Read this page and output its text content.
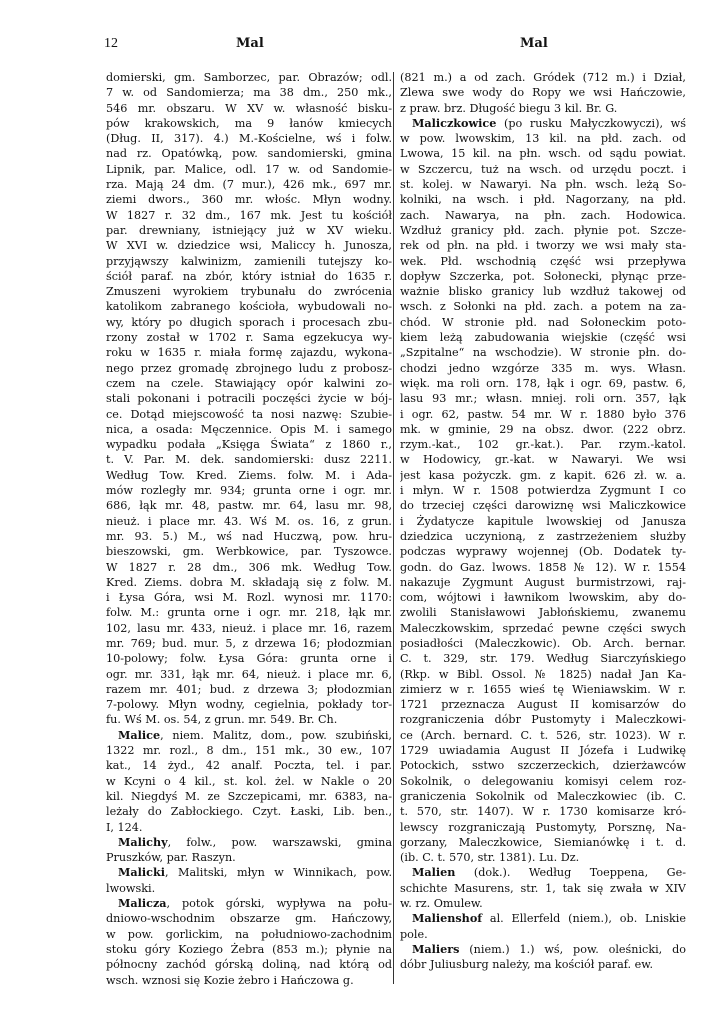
12	Mal	Mal
domierski, gm. Samborzec, par. Obrazów; odl.
7 w. od Sandomierza; ma 38 dm., 250 mk.,
546 mr. obszaru. W XV w. własność bisku-
pów krakowskich, ma 9 łanów kmiecych
(Dług. II, 317). 4.) M.-Kościelne, wś i folw.
nad rz. Opatówką, pow. sandomierski, gmina
Lipnik, par. Malice, odl. 17 w. od Sandomie-
rza. Mają 24 dm. (7 mur.), 426 mk., 697 mr.
ziemi dwors., 360 mr. włośc. Młyn wodny.
W 1827 r. 32 dm., 167 mk. Jest tu kościół
par. drewniany, istniejący już w XV wieku.
W XVI w. dziedzice wsi, Maliccy h. Junosza,
przyjąwszy kalwinizm, zamienili tutejszy ko-
ściół paraf. na zbór, który istniał do 1635 r.
Zmuszeni wyrokiem trybunału do zwrócenia
katolikom zabranego kościoła, wybudowali no-
wy, który po długich sporach i procesach zbu-
rzony został w 1702 r. Sama egzekucya wy-
roku w 1635 r. miała formę zajazdu, wykona-
nego przez gromadę zbrojnego ludu z probosz-
czem na czele. Stawiający opór kalwini zo-
stali pokonani i potracili poczęści życie w bój-
ce. Dotąd miejscowość ta nosi nazwę: Szubie-
nica, a osada: Męczennice. Opis M. i samego
wypadku podała „Księga Świata“ z 1860 r.,
t. V. Par. M. dek. sandomierski: dusz 2211.
Według Tow. Kred. Ziems. folw. M. i Ada-
mów rozległy mr. 934; grunta orne i ogr. mr.
686, łąk mr. 48, pastw. mr. 64, lasu mr. 98,
nieuż. i place mr. 43. Wś M. os. 16, z grun.
mr. 93. 5.) M., wś nad Huczwą, pow. hru-
bieszowski, gm. Werbkowice, par. Tyszowce.
W 1827 r. 28 dm., 306 mk. Według Tow.
Kred. Ziems. dobra M. składają się z folw. M.
i Łysa Góra, wsi M. Rozl. wynosi mr. 1170:
folw. M.: grunta orne i ogr. mr. 218, łąk mr.
102, lasu mr. 433, nieuż. i place mr. 16, razem
mr. 769; bud. mur. 5, z drzewa 16; płodozmian
10-polowy; folw. Łysa Góra: grunta orne i
ogr. mr. 331, łąk mr. 64, nieuż. i place mr. 6,
razem mr. 401; bud. z drzewa 3; płodozmian
7-polowy. Młyn wodny, cegielnia, pokłady tor-
fu. Wś M. os. 54, z grun. mr. 549. Br. Ch.
Malice, niem. Malitz, dom., pow. szubiński,
1322 mr. rozl., 8 dm., 151 mk., 30 ew., 107
kat., 14 żyd., 42 analf. Poczta, tel. i par.
w Kcyni o 4 kil., st. kol. żel. w Nakle o 20
kil. Niegdyś M. ze Szczepicami, mr. 6383, na-
leżały do Zabłockiego. Czyt. Łaski, Lib. ben.,
I, 124.
Malichy, folw., pow. warszawski, gmina
Pruszków, par. Raszyn.
Malicki, Malitski, młyn w Winnikach, pow.
lwowski.
Malicza, potok górski, wypływa na połu-
dniowo-wschodnim obszarze gm. Hańczowy,
w pow. gorlickim, na południowo-zachodnim
stoku góry Koziego Żebra (853 m.); płynie na
północny zachód górską doliną, nad którą od
wsch. wznosi się Kozie żebro i Hańczowa g.
(821 m.) a od zach. Gródek (712 m.) i Dział,
Zlewa swe wody do Ropy we wsi Hańczowie,
z praw. brz. Długość biegu 3 kil. Br. G.
Maliczkowice (po rusku Małyczkowyczi), wś
w pow. lwowskim, 13 kil. na płd. zach. od
Lwowa, 15 kil. na płn. wsch. od sądu powiat.
w Szczercu, tuż na wsch. od urzędu poczt. i
st. kolej. w Nawaryi. Na płn. wsch. leżą So-
kolniki, na wsch. i płd. Nagorzany, na płd.
zach. Nawarya, na płn. zach. Hodowica.
Wzdłuż granicy płd. zach. płynie pot. Szcze-
rek od płn. na płd. i tworzy we wsi mały sta-
wek. Płd. wschodnią część wsi przepływa
dopływ Szczerka, pot. Sołonecki, płynąc prze-
ważnie blisko granicy lub wzdłuż takowej od
wsch. z Sołonki na płd. zach. a potem na za-
chód. W stronie płd. nad Sołoneckim poto-
kiem leżą zabudowania wiejskie (część wsi
„Szpitalne“ na wschodzie). W stronie płn. do-
chodzi jedno wzgórze 335 m. wys. Własn.
więk. ma roli orn. 178, łąk i ogr. 69, pastw. 6,
lasu 93 mr.; własn. mniej. roli orn. 357, łąk
i ogr. 62, pastw. 54 mr. W r. 1880 było 376
mk. w gminie, 29 na obsz. dwor. (222 obrz.
rzym.-kat., 102 gr.-kat.). Par. rzym.-katol.
w Hodowicy, gr.-kat. w Nawaryi. We wsi
jest kasa pożyczk. gm. z kapit. 626 zł. w. a.
i młyn. W r. 1508 potwierdza Zygmunt I co
do trzeciej części darowiznę wsi Maliczkowice
i Żydatycze kapitule lwowskiej od Janusza
dziedzica uczynioną, z zastrzeżeniem służby
podczas wyprawy wojennej (Ob. Dodatek ty-
godn. do Gaz. lwows. 1858 № 12). W r. 1554
nakazuje Zygmunt August burmistrzowi, raj-
com, wójtowi i ławnikom lwowskim, aby do-
zwolili Stanisławowi Jabłońskiemu, zwanemu
Maleczkowskim, sprzedać pewne części swych
posiadłości (Maleczkowic). Ob. Arch. bernar.
C. t. 329, str. 179. Według Siarczyńskiego
(Rkp. w Bibl. Ossol. № 1825) nadał Jan Ka-
zimierz w r. 1655 wieś tę Wieniawskim. W r.
1721 przeznacza August II komisarzów do
rozgraniczenia dóbr Pustomyty i Maleczkowi-
ce (Arch. bernard. C. t. 526, str. 1023). W r.
1729 uwiadamia August II Józefa i Ludwikę
Potockich, sstwo szczerzeckich, dzierżawców
Sokolnik, o delegowaniu komisyi celem roz-
graniczenia Sokolnik od Maleczkowiec (ib. C.
t. 570, str. 1407). W r. 1730 komisarze kró-
lewscy rozgraniczają Pustomyty, Porsznę, Na-
gorzany, Maleczkowice, Siemianówkę i t. d.
(ib. C. t. 570, str. 1381). Lu. Dz.
Malien (dok.). Według Toeppena, Ge-
schichte Masurens, str. 1, tak się zwała w XIV
w. rz. Omulew.
Malienshof al. Ellerfeld (niem.), ob. Lniskie
pole.
Maliers (niem.) 1.) wś, pow. oleśnicki, do
dóbr Juliusburg należy, ma kościół paraf. ew.
